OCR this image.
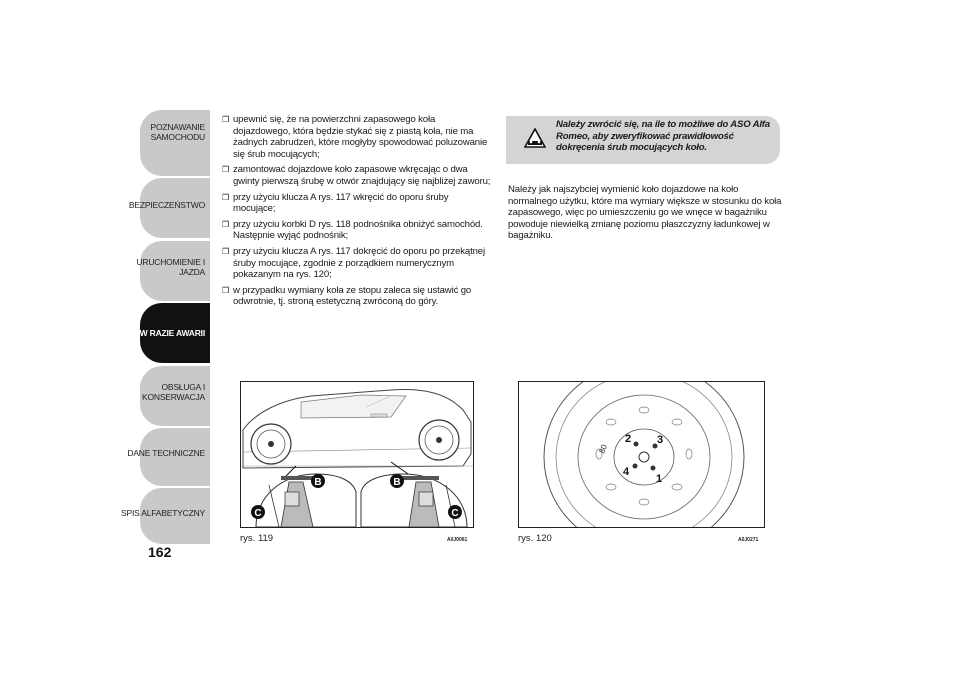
POZNAWANIE
SAMOCHODU
BEZPIECZEŃSTWO
URUCHOMIENIE I
JAZDA
W RAZIE AWARII
OBSŁUGA I
KONSERWACJA
DANE TECHNICZNE
SPIS ALFABETYCZNY
162
❒ upewnić się, że na powierzchni zapasowego koła dojazdowego, która będzie stykać się z piastą koła, nie ma żadnych zabrudzeń, które mogłyby spowodować poluzowanie się śrub mocujących;
❒ zamontować dojazdowe koło zapasowe wkręcając o dwa gwinty pierwszą śrubę w otwór znajdujący się najbliżej zaworu;
❒ przy użyciu klucza A rys. 117 wkręcić do oporu śruby mocujące;
❒ przy użyciu korbki D rys. 118 podnośnika obniżyć samochód. Następnie wyjąć podnośnik;
❒ przy użyciu klucza A rys. 117 dokręcić do oporu po przekątnej śruby mocujące, zgodnie z porządkiem numerycznym pokazanym na rys. 120;
❒ w przypadku wymiany koła ze stopu zaleca się ustawić go odwrotnie, tj. stroną estetyczną zwróconą do góry.
Należy zwrócić się, na ile to możliwe do ASO Alfa Romeo, aby zweryfikować prawidłowość dokręcenia śrub mocujących koło.
Należy jak najszybciej wymienić koło dojazdowe na koło normalnego użytku, które ma wymiary większe w stosunku do koła zapasowego, więc po umieszczeniu go we wnęce w bagażniku powoduje niewielką zmianę poziomu płaszczyzny ładunkowej w bagażniku.
B	B
C	C
rys. 119	A0J0061
80
2 3
4
1
rys. 120	A0J0271
